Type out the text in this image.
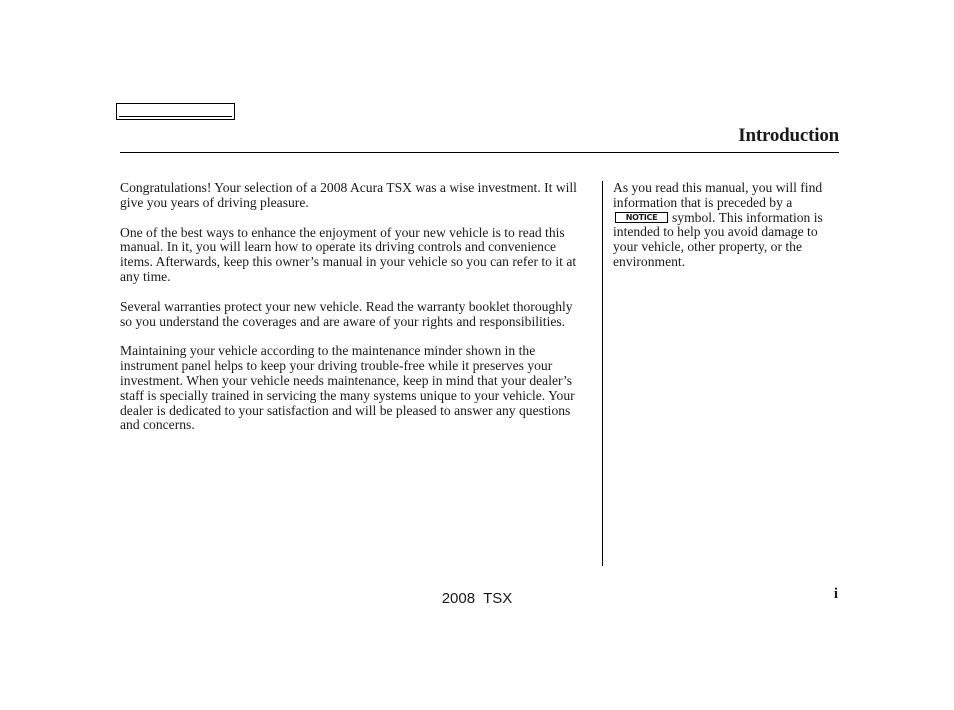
Introduction

Congratulations! Your selection of a 2008 Acura TSX was a wise investment. It will give you years of driving pleasure.

One of the best ways to enhance the enjoyment of your new vehicle is to read this manual. In it, you will learn how to operate its driving controls and convenience items. Afterwards, keep this owner’s manual in your vehicle so you can refer to it at any time.

Several warranties protect your new vehicle. Read the warranty booklet thoroughly so you understand the coverages and are aware of your rights and responsibilities.

Maintaining your vehicle according to the maintenance minder shown in the instrument panel helps to keep your driving trouble-free while it preserves your investment. When your vehicle needs maintenance, keep in mind that your dealer’s staff is specially trained in servicing the many systems unique to your vehicle. Your dealer is dedicated to your satisfaction and will be pleased to answer any questions and concerns.

As you read this manual, you will find information that is preceded by a
NOTICE	symbol. This information is intended to help you avoid damage to your vehicle, other property, or the environment.

2008  TSX	i
